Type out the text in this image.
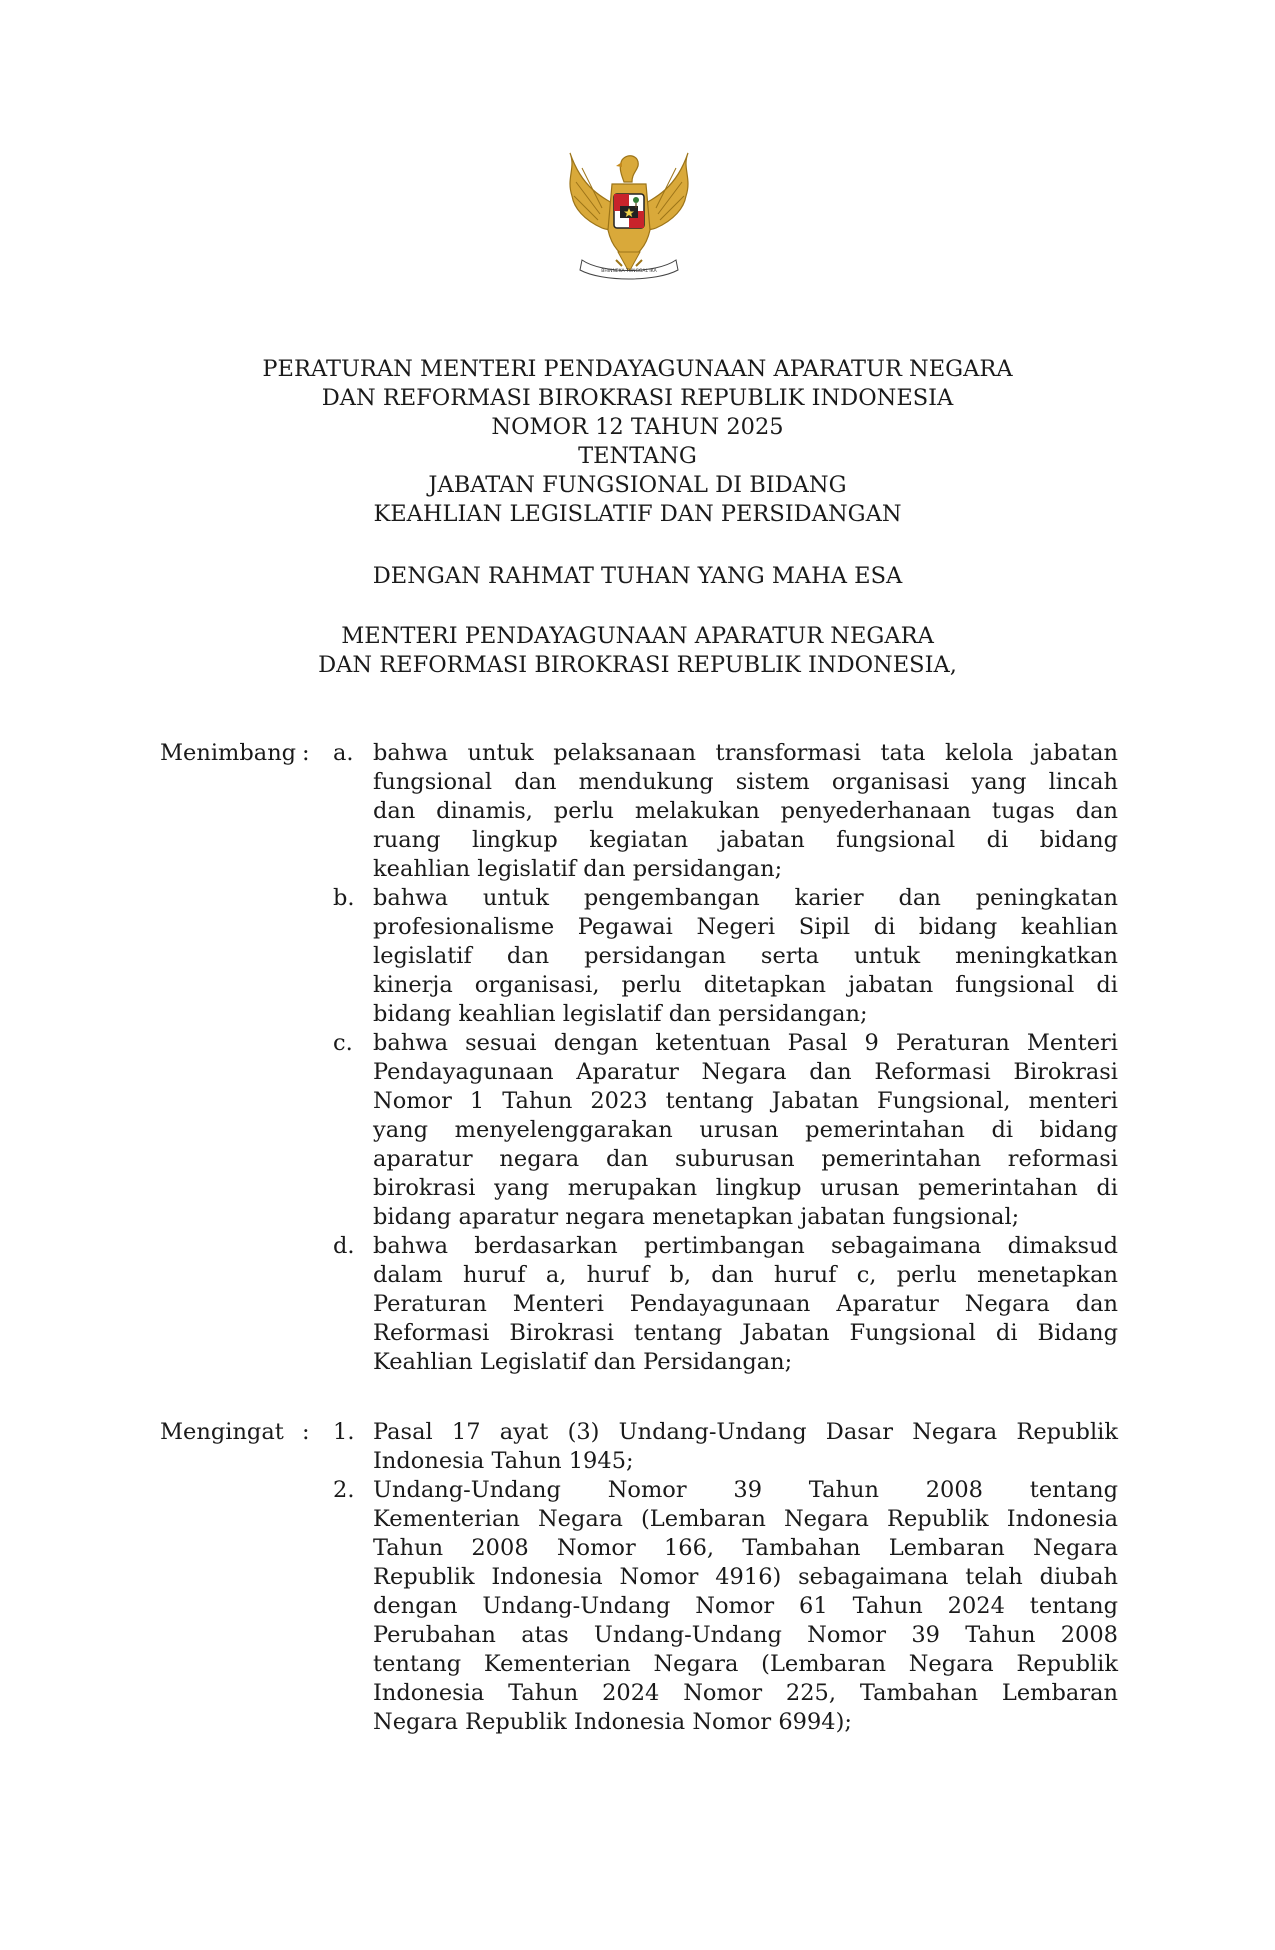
BHINNEKA TUNGGAL IKA
PERATURAN MENTERI PENDAYAGUNAAN APARATUR NEGARA
DAN REFORMASI BIROKRASI REPUBLIK INDONESIA
NOMOR 12 TAHUN 2025
TENTANG
JABATAN FUNGSIONAL DI BIDANG
KEAHLIAN LEGISLATIF DAN PERSIDANGAN
DENGAN RAHMAT TUHAN YANG MAHA ESA
MENTERI PENDAYAGUNAAN APARATUR NEGARA
DAN REFORMASI BIROKRASI REPUBLIK INDONESIA,
Menimbang : a. bahwa untuk pelaksanaan transformasi tata kelola jabatan
fungsional dan mendukung sistem organisasi yang lincah
dan dinamis, perlu melakukan penyederhanaan tugas dan
ruang lingkup kegiatan jabatan fungsional di bidang
keahlian legislatif dan persidangan;
b. bahwa untuk pengembangan karier dan peningkatan
profesionalisme Pegawai Negeri Sipil di bidang keahlian
legislatif dan persidangan serta untuk meningkatkan
kinerja organisasi, perlu ditetapkan jabatan fungsional di
bidang keahlian legislatif dan persidangan;
c. bahwa sesuai dengan ketentuan Pasal 9 Peraturan Menteri
Pendayagunaan Aparatur Negara dan Reformasi Birokrasi
Nomor 1 Tahun 2023 tentang Jabatan Fungsional, menteri
yang menyelenggarakan urusan pemerintahan di bidang
aparatur negara dan suburusan pemerintahan reformasi
birokrasi yang merupakan lingkup urusan pemerintahan di
bidang aparatur negara menetapkan jabatan fungsional;
d. bahwa berdasarkan pertimbangan sebagaimana dimaksud
dalam huruf a, huruf b, dan huruf c, perlu menetapkan
Peraturan Menteri Pendayagunaan Aparatur Negara dan
Reformasi Birokrasi tentang Jabatan Fungsional di Bidang
Keahlian Legislatif dan Persidangan;
Mengingat : 1. Pasal 17 ayat (3) Undang-Undang Dasar Negara Republik
Indonesia Tahun 1945;
2. Undang-Undang Nomor 39 Tahun 2008 tentang
Kementerian Negara (Lembaran Negara Republik Indonesia
Tahun 2008 Nomor 166, Tambahan Lembaran Negara
Republik Indonesia Nomor 4916) sebagaimana telah diubah
dengan Undang-Undang Nomor 61 Tahun 2024 tentang
Perubahan atas Undang-Undang Nomor 39 Tahun 2008
tentang Kementerian Negara (Lembaran Negara Republik
Indonesia Tahun 2024 Nomor 225, Tambahan Lembaran
Negara Republik Indonesia Nomor 6994);
